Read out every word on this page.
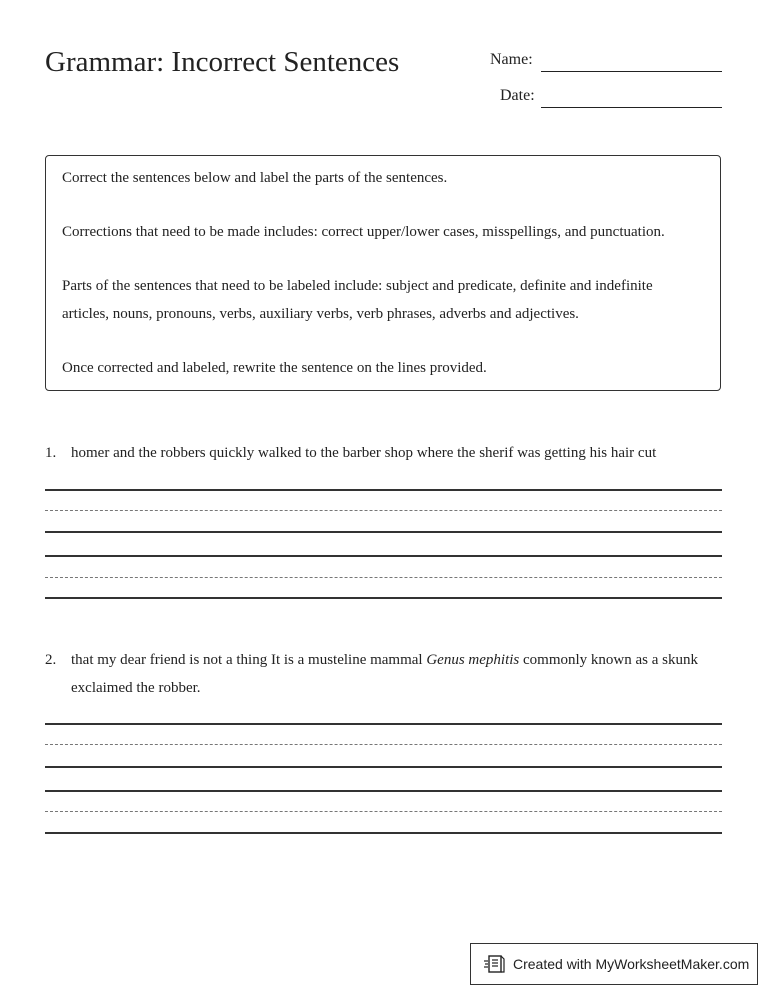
Grammar: Incorrect Sentences	Name:
Date:
Correct the sentences below and label the parts of the sentences.
Corrections that need to be made includes: correct upper/lower cases, misspellings, and punctuation.
Parts of the sentences that need to be labeled include: subject and predicate, definite and indefinite
articles, nouns, pronouns, verbs, auxiliary verbs, verb phrases, adverbs and adjectives.
Once corrected and labeled, rewrite the sentence on the lines provided.
1. homer and the robbers quickly walked to the barber shop where the sherif was getting his hair cut
2. that my dear friend is not a thing It is a musteline mammal Genus mephitis commonly known as a skunk
exclaimed the robber.
Created with MyWorksheetMaker.com
